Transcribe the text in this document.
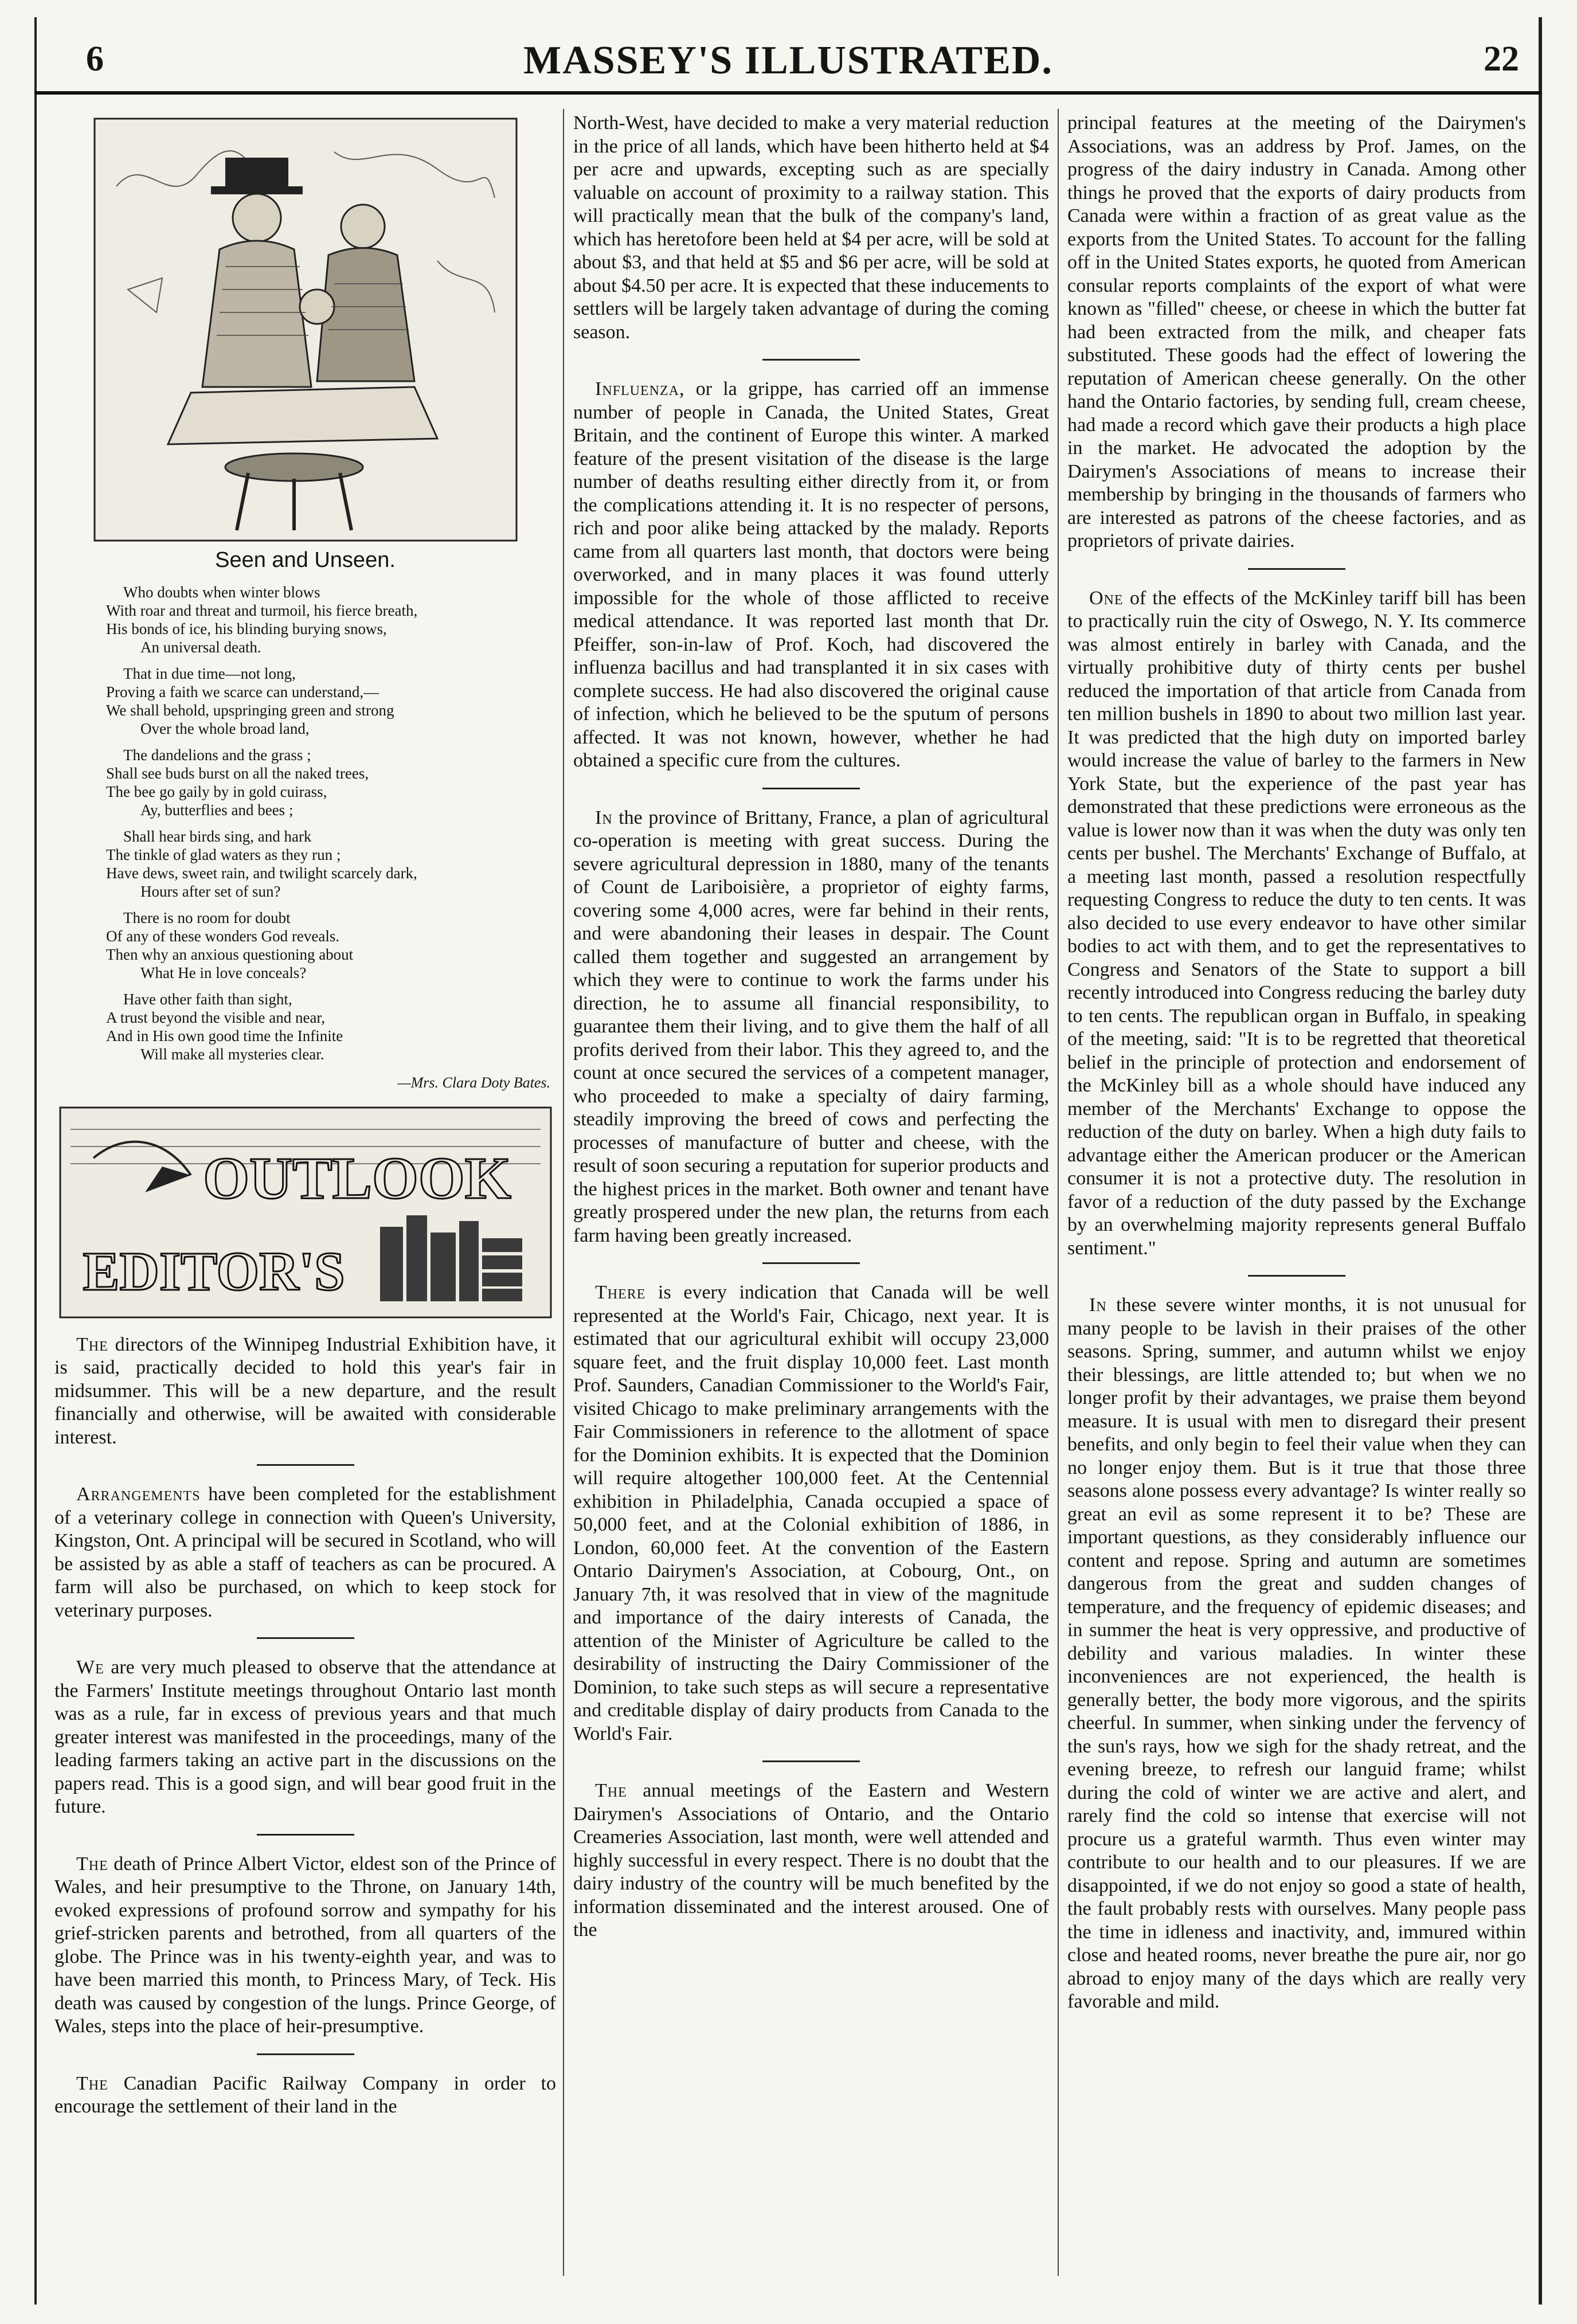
6	MASSEY'S ILLUSTRATED.	22
Seen and Unseen.
Who doubts when winter blows
With roar and threat and turmoil, his fierce breath,
His bonds of ice, his blinding burying snows,
An universal death.
That in due time—not long,
Proving a faith we scarce can understand,—
We shall behold, upspringing green and strong
Over the whole broad land,
The dandelions and the grass ;
Shall see buds burst on all the naked trees,
The bee go gaily by in gold cuirass,
Ay, butterflies and bees ;
Shall hear birds sing, and hark
The tinkle of glad waters as they run ;
Have dews, sweet rain, and twilight scarcely dark,
Hours after set of sun?
There is no room for doubt
Of any of these wonders God reveals.
Then why an anxious questioning about
What He in love conceals?
Have other faith than sight,
A trust beyond the visible and near,
And in His own good time the Infinite
Will make all mysteries clear.
—Mrs. Clara Doty Bates.
OUTLOOK
EDITOR'S

The directors of the Winnipeg Industrial Exhibition have, it is said, practically decided to hold this year's fair in midsummer. This will be a new departure, and the result financially and otherwise, will be awaited with considerable interest.

Arrangements have been completed for the establishment of a veterinary college in connection with Queen's University, Kingston, Ont. A principal will be secured in Scotland, who will be assisted by as able a staff of teachers as can be procured. A farm will also be purchased, on which to keep stock for veterinary purposes.

We are very much pleased to observe that the attendance at the Farmers' Institute meetings throughout Ontario last month was as a rule, far in excess of previous years and that much greater interest was manifested in the proceedings, many of the leading farmers taking an active part in the discussions on the papers read. This is a good sign, and will bear good fruit in the future.

The death of Prince Albert Victor, eldest son of the Prince of Wales, and heir presumptive to the Throne, on January 14th, evoked expressions of profound sorrow and sympathy for his grief-stricken parents and betrothed, from all quarters of the globe. The Prince was in his twenty-eighth year, and was to have been married this month, to Princess Mary, of Teck. His death was caused by congestion of the lungs. Prince George, of Wales, steps into the place of heir-presumptive.

The Canadian Pacific Railway Company in order to encourage the settlement of their land in the

North-West, have decided to make a very material reduction in the price of all lands, which have been hitherto held at $4 per acre and upwards, excepting such as are specially valuable on account of proximity to a railway station. This will practically mean that the bulk of the company's land, which has heretofore been held at $4 per acre, will be sold at about $3, and that held at $5 and $6 per acre, will be sold at about $4.50 per acre. It is expected that these inducements to settlers will be largely taken advantage of during the coming season.

Influenza, or la grippe, has carried off an immense number of people in Canada, the United States, Great Britain, and the continent of Europe this winter. A marked feature of the present visitation of the disease is the large number of deaths resulting either directly from it, or from the complications attending it. It is no respecter of persons, rich and poor alike being attacked by the malady. Reports came from all quarters last month, that doctors were being overworked, and in many places it was found utterly impossible for the whole of those afflicted to receive medical attendance. It was reported last month that Dr. Pfeiffer, son-in-law of Prof. Koch, had discovered the influenza bacillus and had transplanted it in six cases with complete success. He had also discovered the original cause of infection, which he believed to be the sputum of persons affected. It was not known, however, whether he had obtained a specific cure from the cultures.

In the province of Brittany, France, a plan of agricultural co-operation is meeting with great success. During the severe agricultural depression in 1880, many of the tenants of Count de Lariboisière, a proprietor of eighty farms, covering some 4,000 acres, were far behind in their rents, and were abandoning their leases in despair. The Count called them together and suggested an arrangement by which they were to continue to work the farms under his direction, he to assume all financial responsibility, to guarantee them their living, and to give them the half of all profits derived from their labor. This they agreed to, and the count at once secured the services of a competent manager, who proceeded to make a specialty of dairy farming, steadily improving the breed of cows and perfecting the processes of manufacture of butter and cheese, with the result of soon securing a reputation for superior products and the highest prices in the market. Both owner and tenant have greatly prospered under the new plan, the returns from each farm having been greatly increased.

There is every indication that Canada will be well represented at the World's Fair, Chicago, next year. It is estimated that our agricultural exhibit will occupy 23,000 square feet, and the fruit display 10,000 feet. Last month Prof. Saunders, Canadian Commissioner to the World's Fair, visited Chicago to make preliminary arrangements with the Fair Commissioners in reference to the allotment of space for the Dominion exhibits. It is expected that the Dominion will require altogether 100,000 feet. At the Centennial exhibition in Philadelphia, Canada occupied a space of 50,000 feet, and at the Colonial exhibition of 1886, in London, 60,000 feet. At the convention of the Eastern Ontario Dairymen's Association, at Cobourg, Ont., on January 7th, it was resolved that in view of the magnitude and importance of the dairy interests of Canada, the attention of the Minister of Agriculture be called to the desirability of instructing the Dairy Commissioner of the Dominion, to take such steps as will secure a representative and creditable display of dairy products from Canada to the World's Fair.

The annual meetings of the Eastern and Western Dairymen's Associations of Ontario, and the Ontario Creameries Association, last month, were well attended and highly successful in every respect. There is no doubt that the dairy industry of the country will be much benefited by the information disseminated and the interest aroused. One of the

principal features at the meeting of the Dairymen's Associations, was an address by Prof. James, on the progress of the dairy industry in Canada. Among other things he proved that the exports of dairy products from Canada were within a fraction of as great value as the exports from the United States. To account for the falling off in the United States exports, he quoted from American consular reports complaints of the export of what were known as "filled" cheese, or cheese in which the butter fat had been extracted from the milk, and cheaper fats substituted. These goods had the effect of lowering the reputation of American cheese generally. On the other hand the Ontario factories, by sending full, cream cheese, had made a record which gave their products a high place in the market. He advocated the adoption by the Dairymen's Associations of means to increase their membership by bringing in the thousands of farmers who are interested as patrons of the cheese factories, and as proprietors of private dairies.

One of the effects of the McKinley tariff bill has been to practically ruin the city of Oswego, N. Y. Its commerce was almost entirely in barley with Canada, and the virtually prohibitive duty of thirty cents per bushel reduced the importation of that article from Canada from ten million bushels in 1890 to about two million last year. It was predicted that the high duty on imported barley would increase the value of barley to the farmers in New York State, but the experience of the past year has demonstrated that these predictions were erroneous as the value is lower now than it was when the duty was only ten cents per bushel. The Merchants' Exchange of Buffalo, at a meeting last month, passed a resolution respectfully requesting Congress to reduce the duty to ten cents. It was also decided to use every endeavor to have other similar bodies to act with them, and to get the representatives to Congress and Senators of the State to support a bill recently introduced into Congress reducing the barley duty to ten cents. The republican organ in Buffalo, in speaking of the meeting, said: "It is to be regretted that theoretical belief in the principle of protection and endorsement of the McKinley bill as a whole should have induced any member of the Merchants' Exchange to oppose the reduction of the duty on barley. When a high duty fails to advantage either the American producer or the American consumer it is not a protective duty. The resolution in favor of a reduction of the duty passed by the Exchange by an overwhelming majority represents general Buffalo sentiment."

In these severe winter months, it is not unusual for many people to be lavish in their praises of the other seasons. Spring, summer, and autumn whilst we enjoy their blessings, are little attended to; but when we no longer profit by their advantages, we praise them beyond measure. It is usual with men to disregard their present benefits, and only begin to feel their value when they can no longer enjoy them. But is it true that those three seasons alone possess every advantage? Is winter really so great an evil as some represent it to be? These are important questions, as they considerably influence our content and repose. Spring and autumn are sometimes dangerous from the great and sudden changes of temperature, and the frequency of epidemic diseases; and in summer the heat is very oppressive, and productive of debility and various maladies. In winter these inconveniences are not experienced, the health is generally better, the body more vigorous, and the spirits cheerful. In summer, when sinking under the fervency of the sun's rays, how we sigh for the shady retreat, and the evening breeze, to refresh our languid frame; whilst during the cold of winter we are active and alert, and rarely find the cold so intense that exercise will not procure us a grateful warmth. Thus even winter may contribute to our health and to our pleasures. If we are disappointed, if we do not enjoy so good a state of health, the fault probably rests with ourselves. Many people pass the time in idleness and inactivity, and, immured within close and heated rooms, never breathe the pure air, nor go abroad to enjoy many of the days which are really very favorable and mild.
